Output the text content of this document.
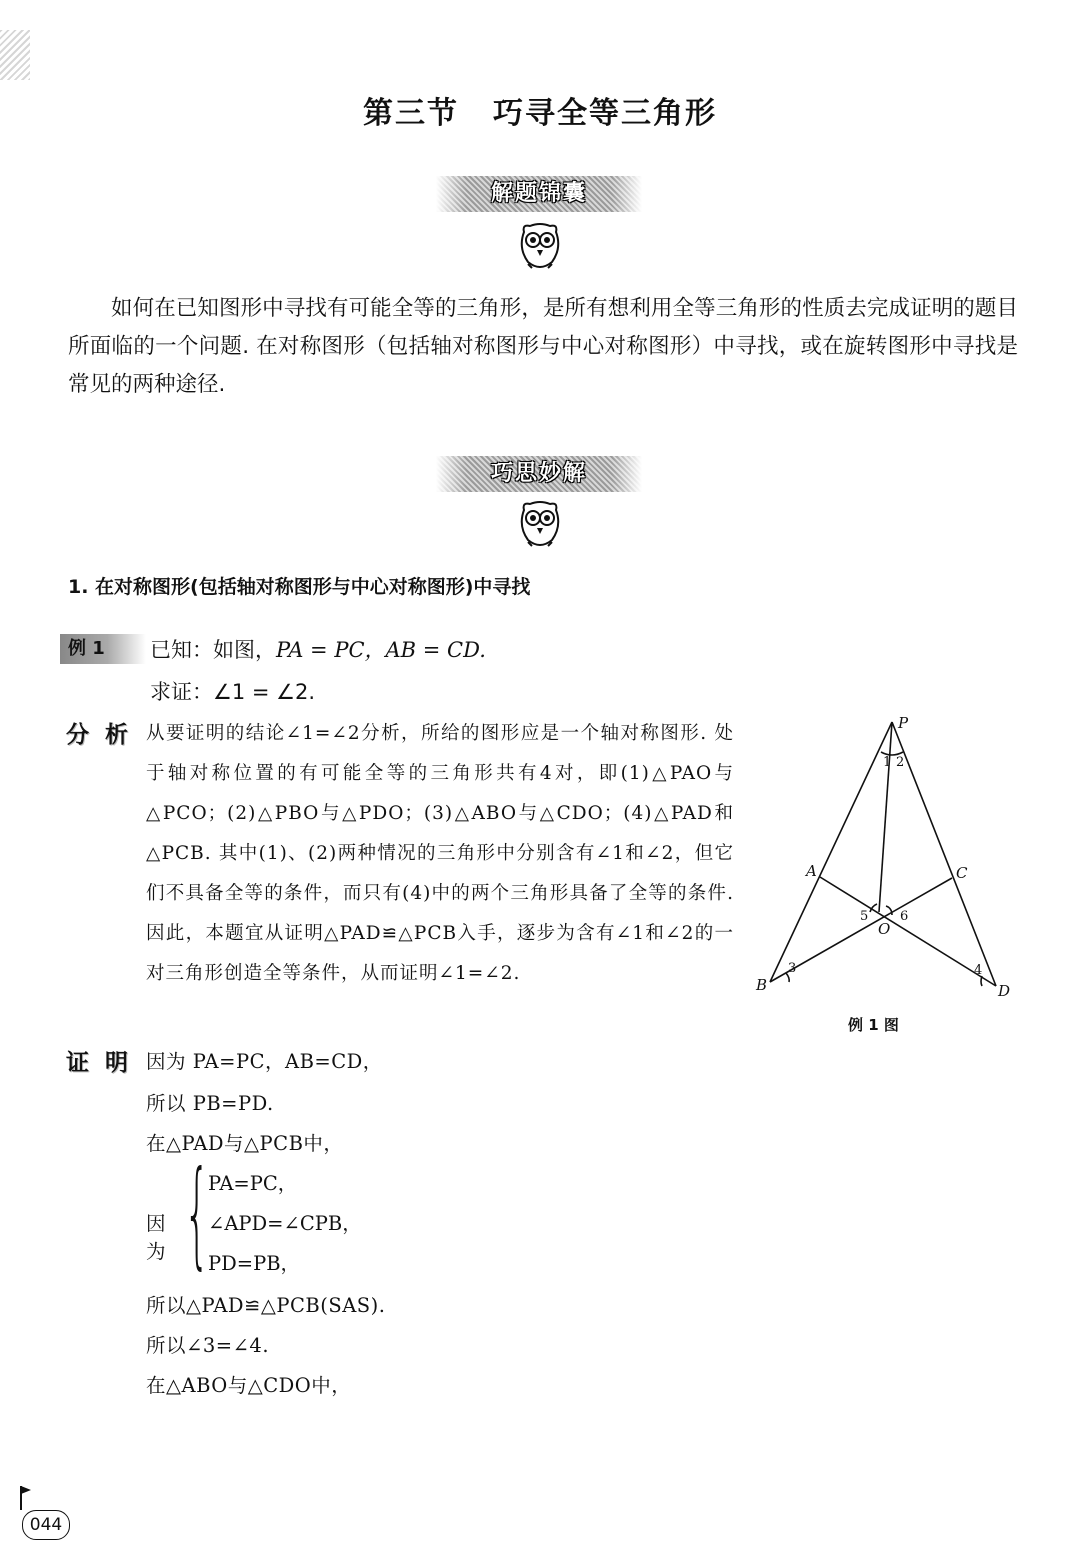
第三节 巧寻全等三角形
解题锦囊

如何在已知图形中寻找有可能全等的三角形，是所有想利用全等三角形的性质去完成证明的题目所面临的一个问题. 在对称图形（包括轴对称图形与中心对称图形）中寻找，或在旋转图形中寻找是常见的两种途径.

巧思妙解
1. 在对称图形(包括轴对称图形与中心对称图形)中寻找
例 1	已知：如图，PA = PC，AB = CD.
求证：∠1 = ∠2.
分 析 从要证明的结论∠1=∠2分析，所给的图形应是一个轴对称图形. 处于轴对称位置的有可能全等的三角形共有4对，即(1)△PAO与△PCO；(2)△PBO与△PDO；(3)△ABO与△CDO；(4)△PAD和△PCB. 其中(1)、(2)两种情况的三角形中分别含有∠1和∠2，但它们不具备全等的条件，而只有(4)中的两个三角形具备了全等的条件. 因此，本题宜从证明△PAD≌△PCB入手，逐步为含有∠1和∠2的一对三角形创造全等条件，从而证明∠1=∠2.
证 明 因为 PA=PC，AB=CD，
所以 PB=PD.
在△PAD与△PCB中，
因为 {
PA=PC，
∠APD=∠CPB，
PD=PB，
所以△PAD≌△PCB(SAS).
所以∠3=∠4.
在△ABO与△CDO中，
P
A	C
B	D
O
1 2
3	4
5 6
例 1 图
044
